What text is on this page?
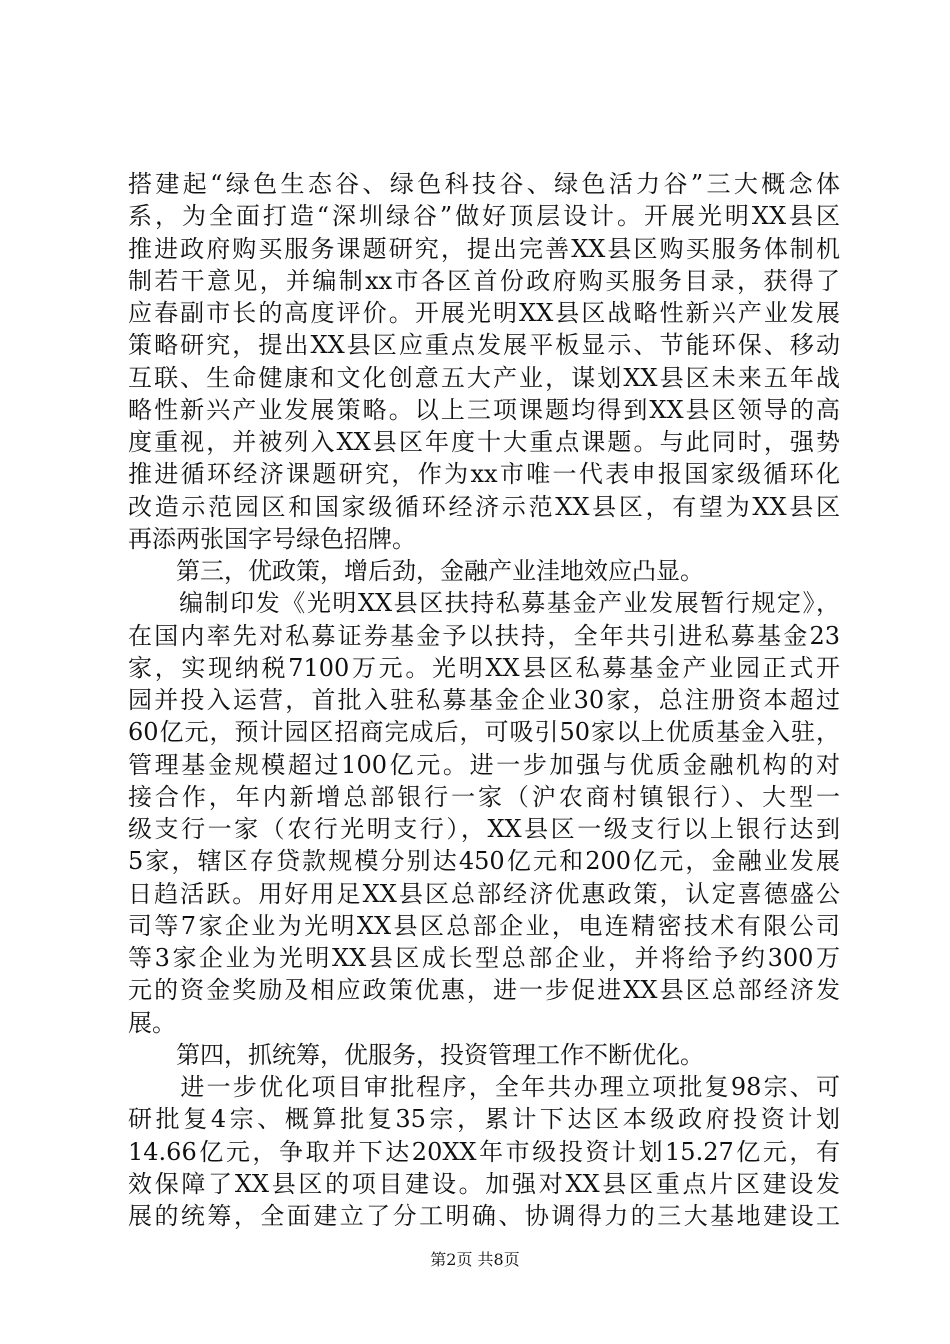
搭建起“绿色生态谷、绿色科技谷、绿色活力谷”三大概念体
系，为全面打造“深圳绿谷”做好顶层设计。开展光明XX县区
推进政府购买服务课题研究，提出完善XX县区购买服务体制机
制若干意见，并编制xx市各区首份政府购买服务目录，获得了
应春副市长的高度评价。开展光明XX县区战略性新兴产业发展
策略研究，提出XX县区应重点发展平板显示、节能环保、移动
互联、生命健康和文化创意五大产业，谋划XX县区未来五年战
略性新兴产业发展策略。以上三项课题均得到XX县区领导的高
度重视，并被列入XX县区年度十大重点课题。与此同时，强势
推进循环经济课题研究，作为xx市唯一代表申报国家级循环化
改造示范园区和国家级循环经济示范XX县区，有望为XX县区
再添两张国字号绿色招牌。
　　第三，优政策，增后劲，金融产业洼地效应凸显。
　　编制印发《光明XX县区扶持私募基金产业发展暂行规定》，
在国内率先对私募证券基金予以扶持，全年共引进私募基金23
家，实现纳税7100万元。光明XX县区私募基金产业园正式开
园并投入运营，首批入驻私募基金企业30家，总注册资本超过
60亿元，预计园区招商完成后，可吸引50家以上优质基金入驻，
管理基金规模超过100亿元。进一步加强与优质金融机构的对
接合作，年内新增总部银行一家（沪农商村镇银行）、大型一
级支行一家（农行光明支行），XX县区一级支行以上银行达到
5家，辖区存贷款规模分别达450亿元和200亿元，金融业发展
日趋活跃。用好用足XX县区总部经济优惠政策，认定喜德盛公
司等7家企业为光明XX县区总部企业，电连精密技术有限公司
等3家企业为光明XX县区成长型总部企业，并将给予约300万
元的资金奖励及相应政策优惠，进一步促进XX县区总部经济发
展。
　　第四，抓统筹，优服务，投资管理工作不断优化。
　　进一步优化项目审批程序，全年共办理立项批复98宗、可
研批复4宗、概算批复35宗，累计下达区本级政府投资计划
14.66亿元，争取并下达20XX年市级投资计划15.27亿元，有
效保障了XX县区的项目建设。加强对XX县区重点片区建设发
展的统筹，全面建立了分工明确、协调得力的三大基地建设工
第2页 共8页
